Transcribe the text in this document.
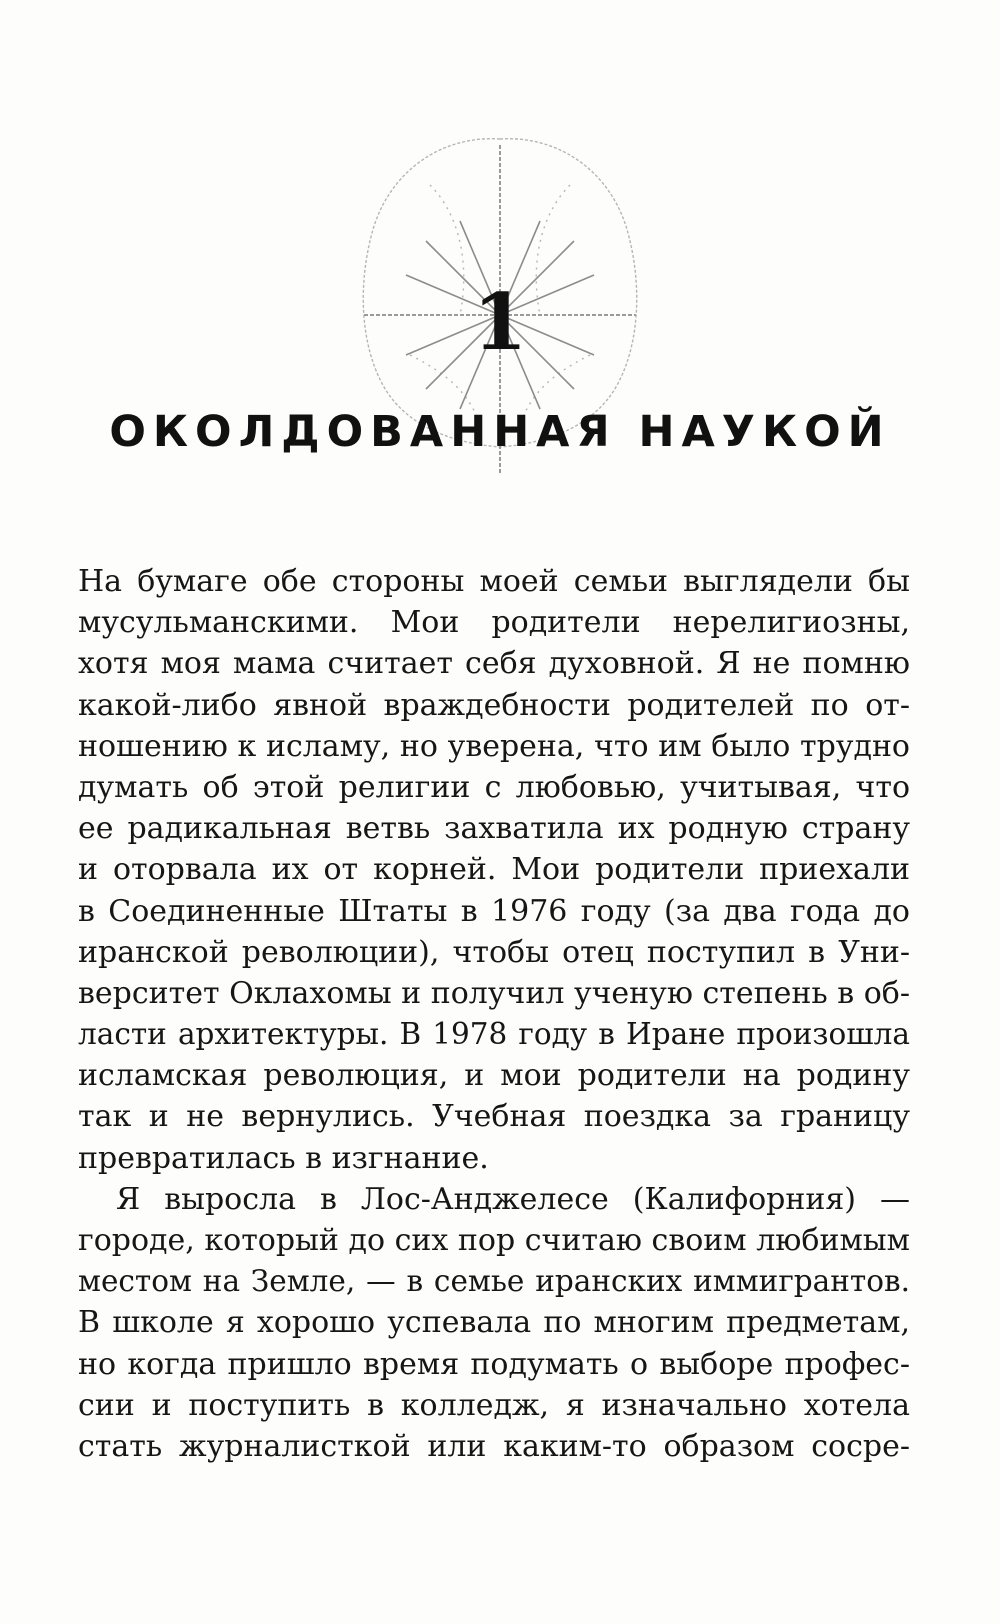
1
ОКОЛДОВАННАЯ НАУКОЙ
На бумаге обе стороны моей семьи выглядели бы
мусульманскими. Мои родители нерелигиозны,
хотя моя мама считает себя духовной. Я не помню
какой-либо явной враждебности родителей по от-
ношению к исламу, но уверена, что им было трудно
думать об этой религии с любовью, учитывая, что
ее радикальная ветвь захватила их родную страну
и оторвала их от корней. Мои родители приехали
в Соединенные Штаты в 1976 году (за два года до
иранской революции), чтобы отец поступил в Уни-
верситет Оклахомы и получил ученую степень в об-
ласти архитектуры. В 1978 году в Иране произошла
исламская революция, и мои родители на родину
так и не вернулись. Учебная поездка за границу
превратилась в изгнание.
Я выросла в Лос-Анджелесе (Калифорния) —
городе, который до сих пор считаю своим любимым
местом на Земле, — в семье иранских иммигрантов.
В школе я хорошо успевала по многим предметам,
но когда пришло время подумать о выборе профес-
сии и поступить в колледж, я изначально хотела
стать журналисткой или каким-то образом сосре-
